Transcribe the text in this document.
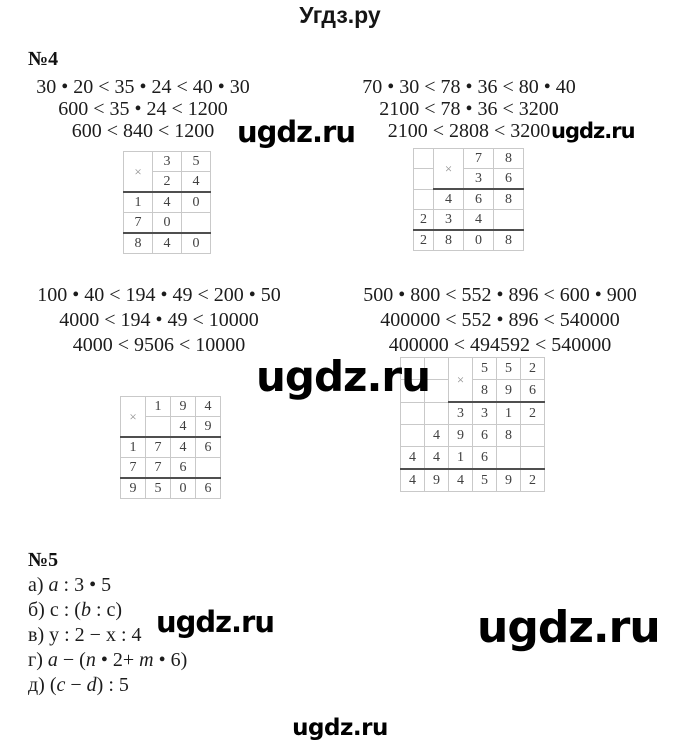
Угдз.ру
№4
30 • 20 < 35 • 24 < 40 • 30
600 < 35 • 24 < 1200
600 < 840 < 1200
70 • 30 < 78 • 36 < 80 • 40
2100 < 78 • 36 < 3200
2100 < 2808 < 3200
100 • 40 < 194 • 49 < 200 • 50
4000 < 194 • 49 < 10000
4000 < 9506 < 10000
500 • 800 < 552 • 896 < 600 • 900
400000 < 552 • 896 < 540000
400000 < 494592 < 540000
×	3	5
	2	4
1	4	0
7	0	
8	4	0
	×	7	8
		3	6
	4	6	8
2	3	4	
2	8	0	8
×	1	9	4
		4	9
1	7	4	6
7	7	6	
9	5	0	6
		×	5	5	2
			8	9	6
		3	3	1	2
	4	9	6	8	
4	4	1	6		
4	9	4	5	9	2
№5
а) a : 3 • 5
б) с : (b : с)
в) у : 2 − х : 4
г) a − (n • 2+ m • 6)
д) (c − d) : 5
ugdz.ru	ugdz.ru
ugdz.ru
ugdz.ru	ugdz.ru
ugdz.ru
